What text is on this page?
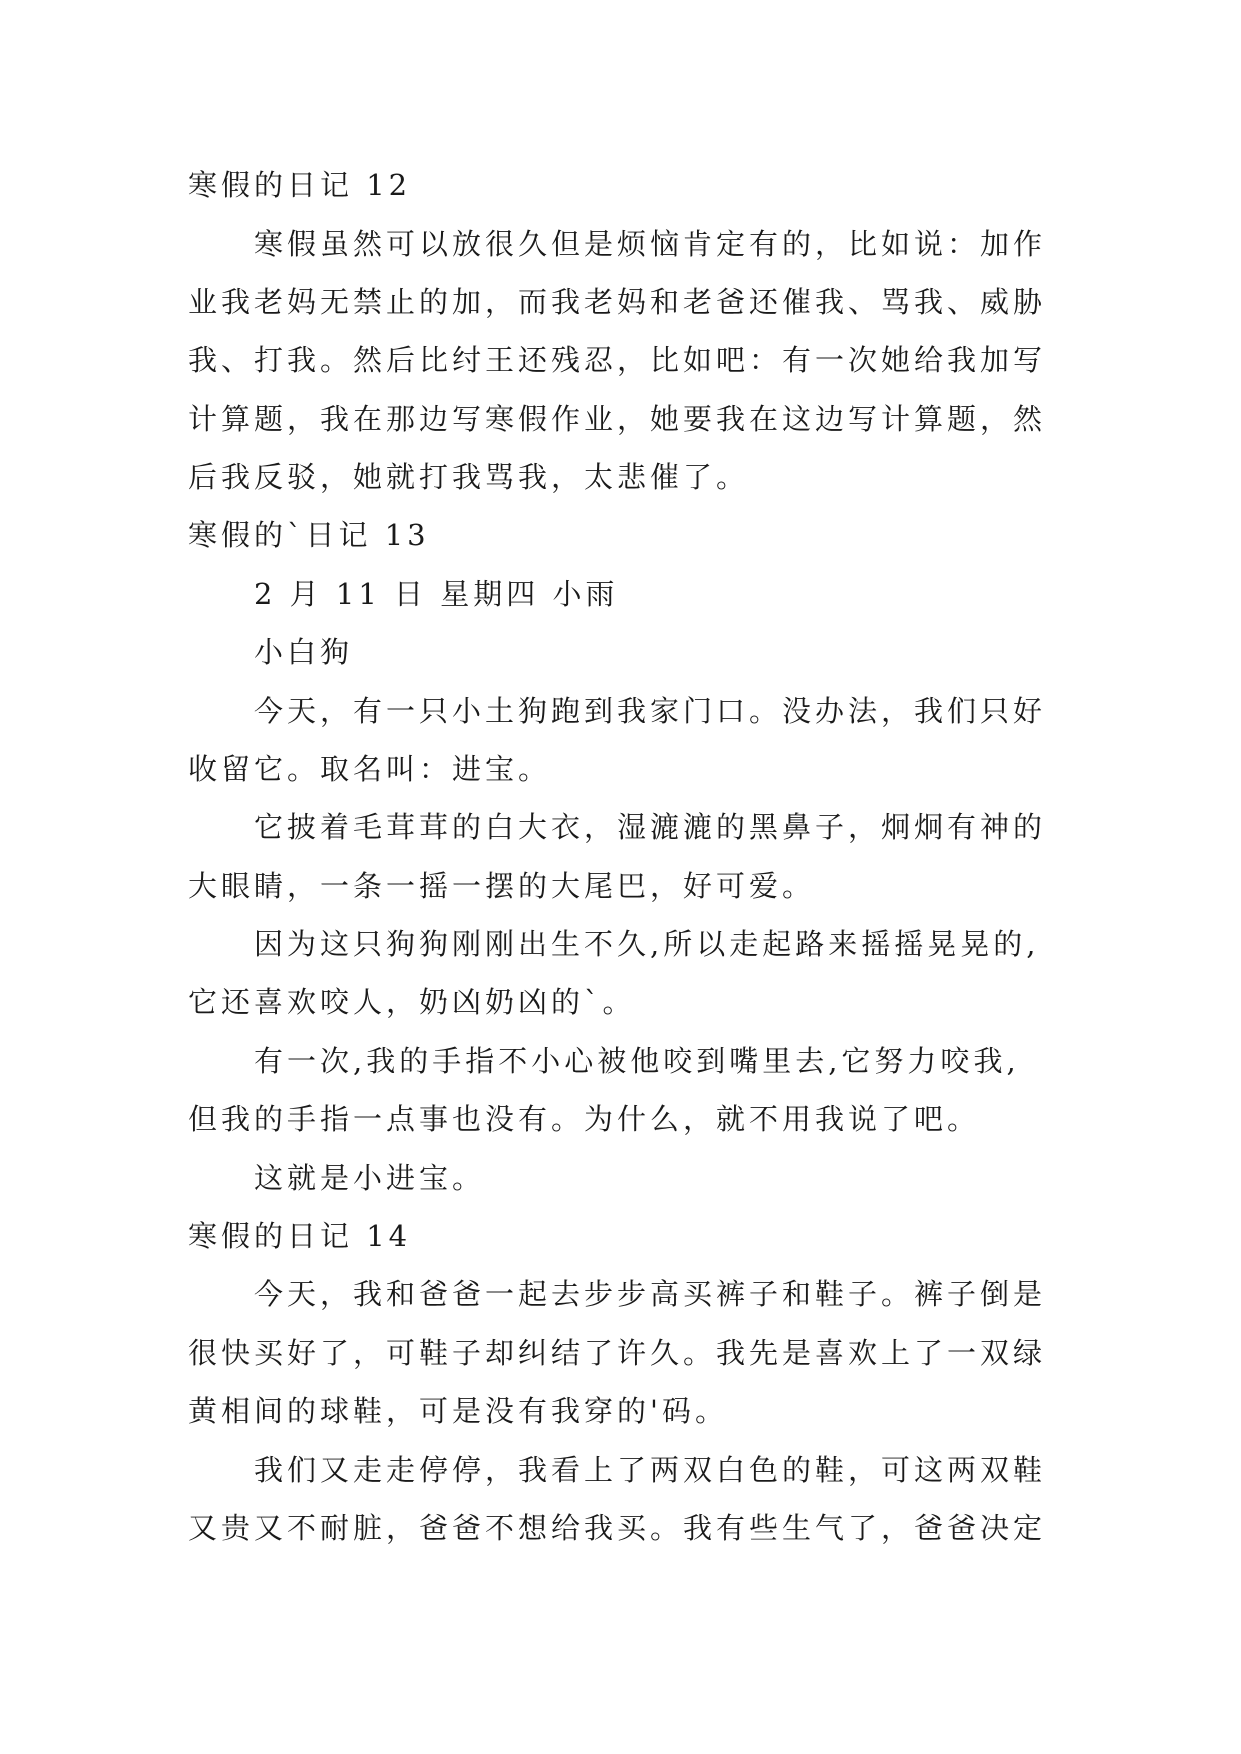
寒假的日记 12
寒假虽然可以放很久但是烦恼肯定有的，比如说：加作
业我老妈无禁止的加，而我老妈和老爸还催我、骂我、威胁
我、打我。然后比纣王还残忍，比如吧：有一次她给我加写
计算题，我在那边写寒假作业，她要我在这边写计算题，然
后我反驳，她就打我骂我，太悲催了。
寒假的`日记 13
2 月 11 日 星期四 小雨
小白狗
今天，有一只小土狗跑到我家门口。没办法，我们只好
收留它。取名叫：进宝。
它披着毛茸茸的白大衣，湿漉漉的黑鼻子，炯炯有神的
大眼睛，一条一摇一摆的大尾巴，好可爱。
因为这只狗狗刚刚出生不久,所以走起路来摇摇晃晃的,
它还喜欢咬人，奶凶奶凶的`。
有一次,我的手指不小心被他咬到嘴里去,它努力咬我,
但我的手指一点事也没有。为什么，就不用我说了吧。
这就是小进宝。
寒假的日记 14
今天，我和爸爸一起去步步高买裤子和鞋子。裤子倒是
很快买好了，可鞋子却纠结了许久。我先是喜欢上了一双绿
黄相间的球鞋，可是没有我穿的'码。
我们又走走停停，我看上了两双白色的鞋，可这两双鞋
又贵又不耐脏，爸爸不想给我买。我有些生气了，爸爸决定
